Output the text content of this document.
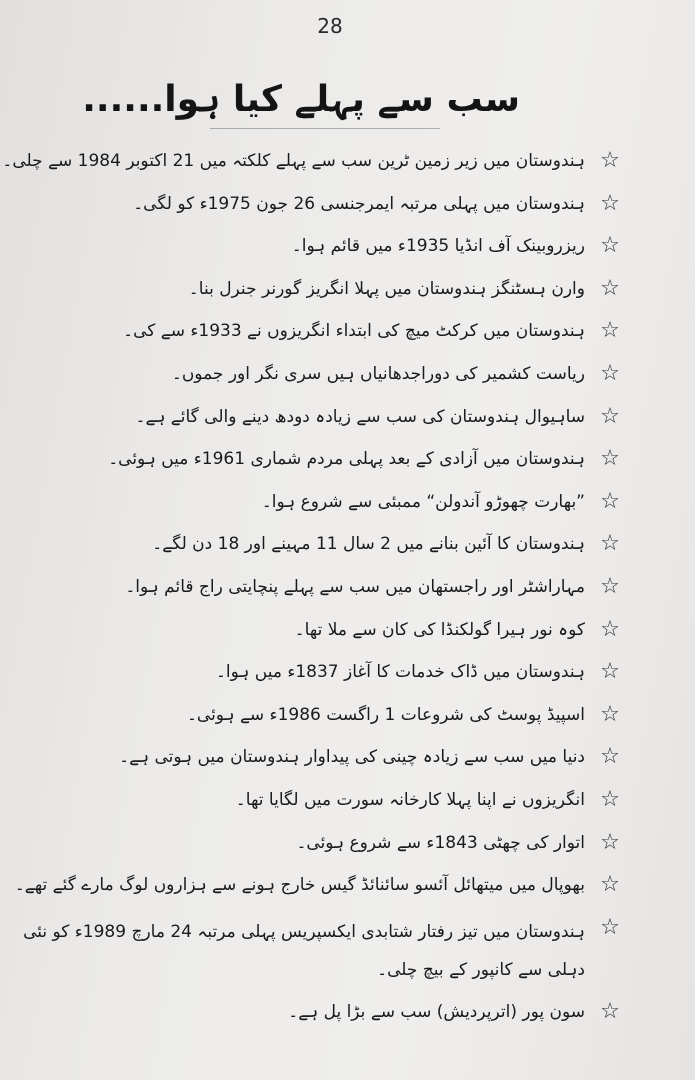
28
سب سے پہلے کیا ہوا......
☆
ہندوستان میں زیر زمین ٹرین سب سے پہلے کلکتہ میں 21 اکتوبر 1984 سے چلی۔
☆
ہندوستان میں پہلی مرتبہ ایمرجنسی 26 جون 1975ء کو لگی۔
☆
ریزروبینک آف انڈیا 1935ء میں قائم ہوا۔
☆
وارن ہسٹنگز ہندوستان میں پہلا انگریز گورنر جنرل بنا۔
☆
ہندوستان میں کرکٹ میچ کی ابتداء انگریزوں نے 1933ء سے کی۔
☆
ریاست کشمیر کی دوراجدھانیاں ہیں سری نگر اور جموں۔
☆
ساہیوال ہندوستان کی سب سے زیادہ دودھ دینے والی گائے ہے۔
☆
ہندوستان میں آزادی کے بعد پہلی مردم شماری 1961ء میں ہوئی۔
☆
”بھارت چھوڑو آندولن“ ممبئی سے شروع ہوا۔
☆
ہندوستان کا آئین بنانے میں 2 سال 11 مہینے اور 18 دن لگے۔
☆
مہاراشٹر اور راجستھان میں سب سے پہلے پنچایتی راج قائم ہوا۔
☆
کوہ نور ہیرا گولکنڈا کی کان سے ملا تھا۔
☆
ہندوستان میں ڈاک خدمات کا آغاز 1837ء میں ہوا۔
☆
اسپیڈ پوسٹ کی شروعات 1 راگست 1986ء سے ہوئی۔
☆
دنیا میں سب سے زیادہ چینی کی پیداوار ہندوستان میں ہوتی ہے۔
☆
انگریزوں نے اپنا پہلا کارخانہ سورت میں لگایا تھا۔
☆
اتوار کی چھٹی 1843ء سے شروع ہوئی۔
☆
بھوپال میں میتھائل آئسو سائنائڈ گیس خارج ہونے سے ہزاروں لوگ مارے گئے تھے۔
☆
ہندوستان میں تیز رفتار شتابدی ایکسپریس پہلی مرتبہ 24 مارچ 1989ء کو نئی دہلی سے کانپور کے بیچ چلی۔
☆
سون پور (اترپردیش) سب سے بڑا پل ہے۔
